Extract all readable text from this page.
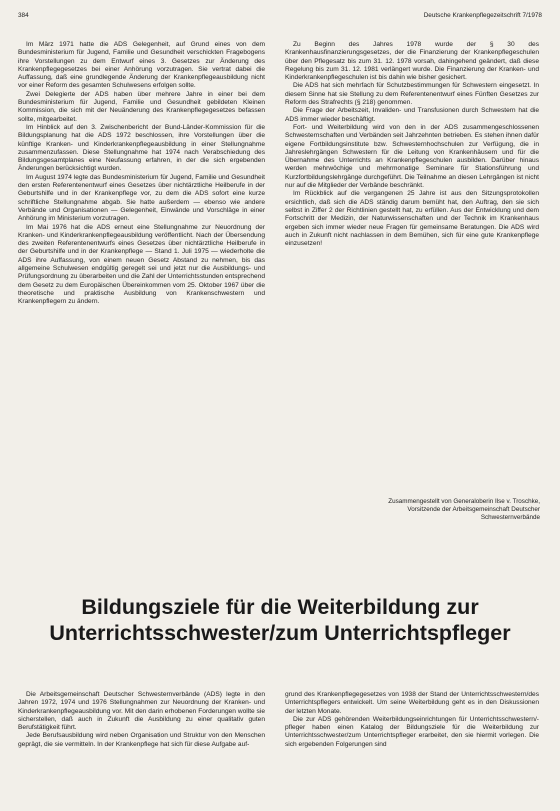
384	Deutsche Krankenpflegezeitschrift 7/1978

Im März 1971 hatte die ADS Gelegenheit, auf Grund eines von dem Bundesministerium für Jugend, Familie und Gesundheit verschickten Fragebogens ihre Vorstellungen zu dem Entwurf eines 3. Gesetzes zur Änderung des Krankenpflegegesetzes bei einer Anhörung vorzutragen. Sie vertrat dabei die Auffassung, daß eine grundlegende Änderung der Krankenpflegeausbildung nicht vor einer Reform des gesamten Schulwesens erfolgen sollte.

Zwei Delegierte der ADS haben über mehrere Jahre in einer bei dem Bundesministerium für Jugend, Familie und Gesundheit gebildeten Kleinen Kommission, die sich mit der Neuänderung des Krankenpflegegesetzes befassen sollte, mitgearbeitet.

Im Hinblick auf den 3. Zwischenbericht der Bund-Länder-Kommission für die Bildungsplanung hat die ADS 1972 beschlossen, ihre Vorstellungen über die künftige Kranken- und Kinderkrankenpflegeausbildung in einer Stellungnahme zusammenzufassen. Diese Stellungnahme hat 1974 nach Verabschiedung des Bildungsgesamtplanes eine Neufassung erfahren, in der die sich ergebenden Änderungen berücksichtigt wurden.

Im August 1974 legte das Bundesministerium für Jugend, Familie und Gesundheit den ersten Referentenentwurf eines Gesetzes über nichtärztliche Heilberufe in der Geburtshilfe und in der Krankenpflege vor, zu dem die ADS sofort eine kurze schriftliche Stellungnahme abgab. Sie hatte außerdem — ebenso wie andere Verbände und Organisationen — Gelegenheit, Einwände und Vorschläge in einer Anhörung im Ministerium vorzutragen.

Im Mai 1976 hat die ADS erneut eine Stellungnahme zur Neuordnung der Kranken- und Kinderkrankenpflegeausbildung veröffentlicht. Nach der Übersendung des zweiten Referentenentwurfs eines Gesetzes über nichtärztliche Heilberufe in der Geburtshilfe und in der Krankenpflege — Stand 1. Juli 1975 — wiederholte die ADS ihre Auffassung, von einem neuen Gesetz Abstand zu nehmen, bis das allgemeine Schulwesen endgültig geregelt sei und jetzt nur die Ausbildungs- und Prüfungsordnung zu überarbeiten und die Zahl der Unterrichtsstunden entsprechend dem Gesetz zu dem Europäischen Übereinkommen vom 25. Oktober 1967 über die theoretische und praktische Ausbildung von Krankenschwestern und Krankenpflegern zu ändern.

Zu Beginn des Jahres 1978 wurde der § 30 des Krankenhausfinanzierungsgesetzes, der die Finanzierung der Krankenpflegeschulen über den Pflegesatz bis zum 31. 12. 1978 vorsah, dahingehend geändert, daß diese Regelung bis zum 31. 12. 1981 verlängert wurde. Die Finanzierung der Kranken- und Kinderkrankenpflegeschulen ist bis dahin wie bisher gesichert.

Die ADS hat sich mehrfach für Schutzbestimmungen für Schwestern eingesetzt. In diesem Sinne hat sie Stellung zu dem Referentenentwurf eines Fünften Gesetzes zur Reform des Strafrechts (§ 218) genommen.

Die Frage der Arbeitszeit, Invaliden- und Transfusionen durch Schwestern hat die ADS immer wieder beschäftigt.

Fort- und Weiterbildung wird von den in der ADS zusammengeschlossenen Schwesternschaften und Verbänden seit Jahrzehnten betrieben. Es stehen ihnen dafür eigene Fortbildungsinstitute bzw. Schwesternhochschulen zur Verfügung, die in Jahreslehrgängen Schwestern für die Leitung von Krankenhäusern und für die Übernahme des Unterrichts an Krankenpflegeschulen ausbilden. Darüber hinaus werden mehrwöchige und mehrmonatige Seminare für Stationsführung und Kurzfortbildungslehrgänge durchgeführt. Die Teilnahme an diesen Lehrgängen ist nicht nur auf die Mitglieder der Verbände beschränkt.

Im Rückblick auf die vergangenen 25 Jahre ist aus den Sitzungsprotokollen ersichtlich, daß sich die ADS ständig darum bemüht hat, den Auftrag, den sie sich selbst in Ziffer 2 der Richtlinien gestellt hat, zu erfüllen. Aus der Entwicklung und dem Fortschritt der Medizin, der Naturwissenschaften und der Technik im Krankenhaus ergeben sich immer wieder neue Fragen für gemeinsame Beratungen. Die ADS wird auch in Zukunft nicht nachlassen in dem Bemühen, sich für eine gute Krankenpflege einzusetzen!

Zusammengestellt von Generaloberin Ilse v. Troschke,
Vorsitzende der Arbeitsgemeinschaft Deutscher
Schwesternverbände
Bildungsziele für die Weiterbildung zur
Unterrichtsschwester/zum Unterrichtspfleger

Die Arbeitsgemeinschaft Deutscher Schwesternverbände (ADS) legte in den Jahren 1972, 1974 und 1976 Stellungnahmen zur Neuordnung der Kranken- und Kinderkrankenpflegeausbildung vor. Mit den darin erhobenen Forderungen wollte sie sicherstellen, daß auch in Zukunft die Ausbildung zu einer qualitativ guten Berufstätigkeit führt.

Jede Berufsausbildung wird neben Organisation und Struktur von den Menschen geprägt, die sie vermitteln. In der Krankenpflege hat sich für diese Aufgabe auf-

grund des Krankenpflegegesetzes von 1938 der Stand der Unterrichtsschwestern/des Unterrichtspflegers entwickelt. Um seine Weiterbildung geht es in den Diskussionen der letzten Monate.

Die zur ADS gehörenden Weiterbildungseinrichtungen für Unterrichtsschwestern/-pfleger haben einen Katalog der Bildungsziele für die Weiterbildung zur Unterrichtsschwester/zum Unterrichtspfleger erarbeitet, den sie hiermit vorlegen. Die sich ergebenden Folgerungen sind
